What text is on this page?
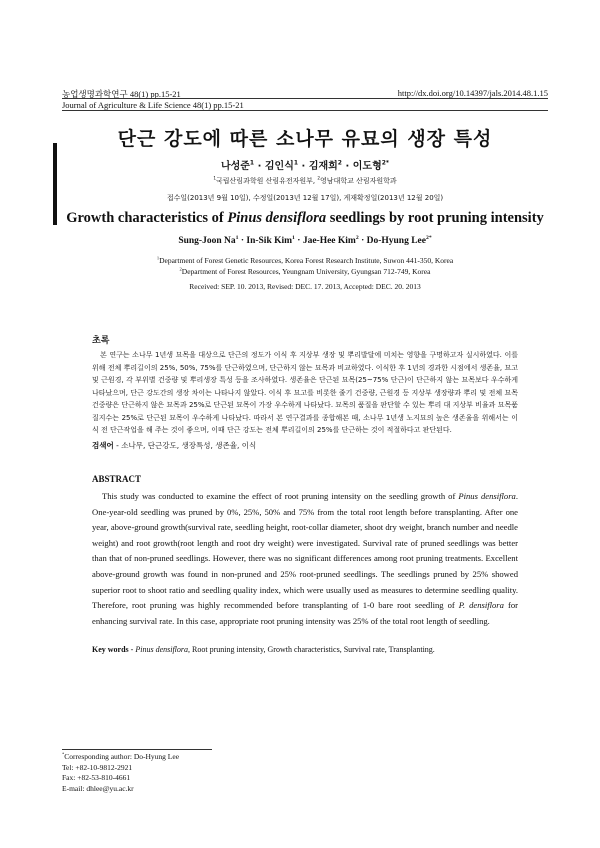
농업생명과학연구 48(1) pp.15-21	http://dx.doi.org/10.14397/jals.2014.48.1.15
Journal of Agriculture & Life Science 48(1) pp.15-21
단근 강도에 따른 소나무 유묘의 생장 특성
나성준$^1$ · 김인식$^1$ · 김재희$^2$ · 이도형$^{2*}$
$^1$국립산림과학원 산림유전자원부, $^2$영남대학교 산림자원학과
접수일(2013년 9월 10일), 수정일(2013년 12월 17일), 게재확정일(2013년 12월 20일)
Growth characteristics of Pinus densiflora seedlings by root pruning intensity
Sung-Joon $Na^1 \cdot In-Sik$ Kim$^1$ · Jae-Hee Kim$^2$ · Do-Hyung Lee$^{2*}$
$^1$Department of Forest Genetic Resources, Korea Forest Research Institute, Suwon 441-350, Korea
$^2$Department of Forest Resources, Yeungnam University, Gyungsan 712-749, Korea
Received: SEP. 10. 2013, Revised: DEC. 17. 2013, Accepted: DEC. 20. 2013
초록
본 연구는 소나무 1년생 묘목을 대상으로 단근의 정도가 이식 후 지상부 생장 및 뿌리발달에 미치는 영향을 구명하고자 실시하였다. 이를 위해 전체 뿌리길이의 25%, 50%, 75%를 단근하였으며, 단근하지 않는 묘목과 비교하였다. 이식한 후 1년의 경과한 시점에서 생존율, 묘고 및 근원경, 각 부위별 건중량 및 뿌리생장 특성 등을 조사하였다. 생존율은 단근된 묘목(25~75% 단근)이 단근하지 않는 묘목보다 우수하게 나타났으며, 단근 강도간의 생장 차이는 나타나지 않았다. 이식 후 묘고를 비롯한 줄기 건중량, 근원경 등 지상부 생장량과 뿌리 및 전체 묘목 건중량은 단근하지 않은 묘목과 25%로 단근된 묘목이 가장 우수하게 나타났다. 묘목의 품질을 판단할 수 있는 뿌리 대 지상부 비율과 묘목품질지수는 25%로 단근된 묘목이 우수하게 나타났다. 따라서 본 연구결과를 종합해본 때, 소나무 1년생 노지묘의 높은 생존율을 위해서는 이식 전 단근작업을 해 주는 것이 좋으며, 이때 단근 강도는 전체 뿌리길이의 25%를 단근하는 것이 적절하다고 판단된다.
검색어 - 소나무, 단근강도, 생장특성, 생존율, 이식
ABSTRACT
This study was conducted to examine the effect of root pruning intensity on the seedling growth of Pinus densiflora. One-year-old seedling was pruned by 0%, 25%, 50% and 75% from the total root length before transplanting. After one year, above-ground growth(survival rate, seedling height, root-collar diameter, shoot dry weight, branch number and needle weight) and root growth(root length and root dry weight) were investigated. Survival rate of pruned seedlings was better than that of non-pruned seedlings. However, there was no significant differences among root pruning treatments. Excellent above-ground growth was found in non-pruned and 25% root-pruned seedlings. The seedlings pruned by 25% showed superior root to shoot ratio and seedling quality index, which were usually used as measures to determine seedling quality. Therefore, root pruning was highly recommended before transplanting of 1-0 bare root seedling of P. densiflora for enhancing survival rate. In this case, appropriate root pruning intensity was 25% of the total root length of seedling.
Key words - Pinus densiflora, Root pruning intensity, Growth characteristics, Survival rate, Transplanting.
*Corresponding author: Do-Hyung Lee
Tel: +82-10-9812-2921
Fax: +82-53-810-4661
E-mail: dhlee@yu.ac.kr
